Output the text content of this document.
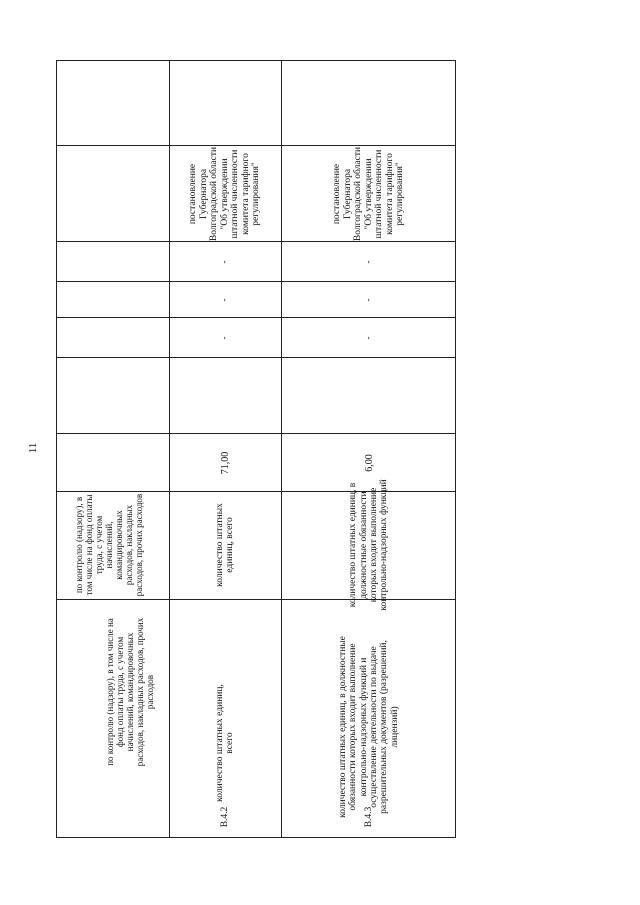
11
по контролю (надзору), в том числе на фонд оплаты труда, с учетом начислений, командировочных расходов, накладных расходов, прочих расходов
по контролю (надзору), в том числе на фонд оплаты труда, с учетом начислений, командировочных расходов, накладных расходов, прочих расходов
В.4.2
количество штатных единиц, всего
количество штатных единиц, всего
71,00
-
-
-
постановление Губернатора Волгоградской области "Об утверждении штатной численности комитета тарифного регулирования"
В.4.3
количество штатных единиц, в должностные обязанности которых входит выполнение контрольно-надзорных функций и осуществление деятельности по выдаче разрешительных документов (разрешений, лицензий)
количество штатных единиц, в должностные обязанности которых входит выполнение контрольно-надзорных функций
6,00
-
-
-
постановление Губернатора Волгоградской области "Об утверждении штатной численности комитета тарифного регулирования"
